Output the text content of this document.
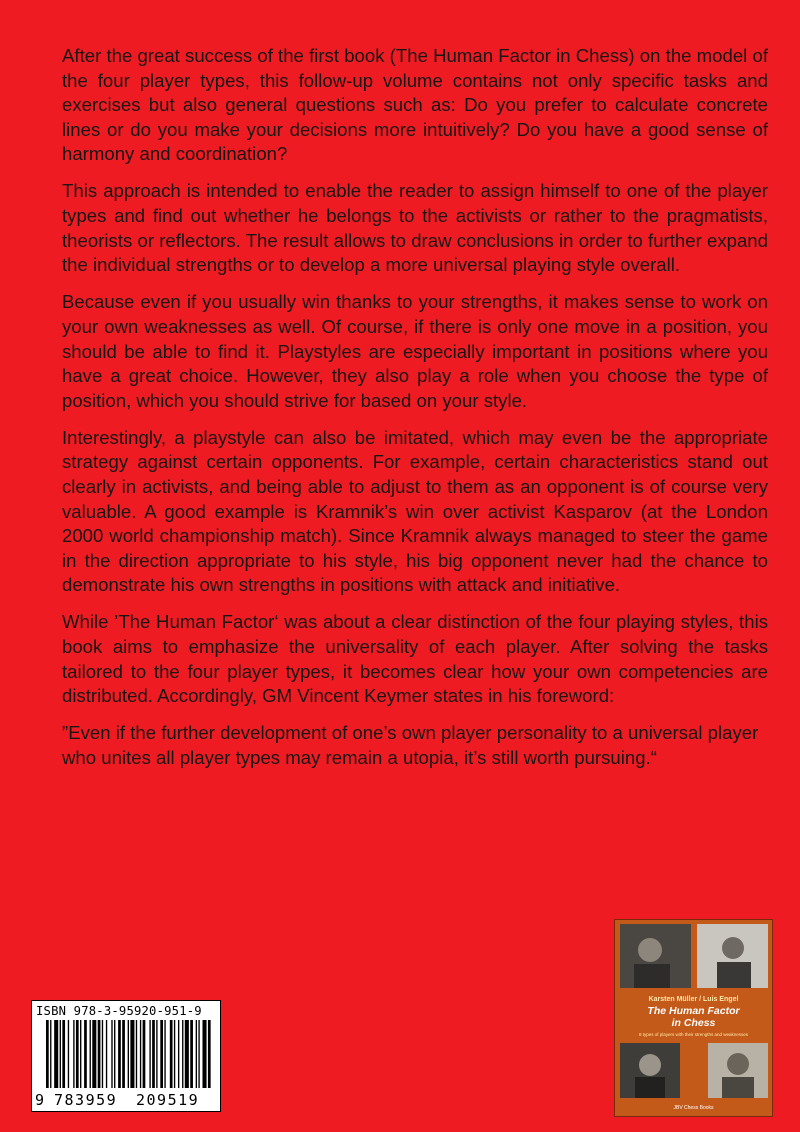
After the great success of the first book (The Human Factor in Chess) on the model of the four player types, this follow-up volume contains not only specific tasks and exercises but also general questions such as: Do you prefer to calculate concrete lines or do you make your decisions more intuitively? Do you have a good sense of harmony and coordination?

This approach is intended to enable the reader to assign himself to one of the player types and find out whether he belongs to the activists or rather to the pragmatists, theorists or reflectors. The result allows to draw conclusions in order to further expand the individual strengths or to develop a more universal playing style overall.

Because even if you usually win thanks to your strengths, it makes sense to work on your own weaknesses as well. Of course, if there is only one move in a position, you should be able to find it. Playstyles are especially important in positions where you have a great choice. However, they also play a role when you choose the type of position, which you should strive for based on your style.

Interestingly, a playstyle can also be imitated, which may even be the appropriate strategy against certain opponents. For example, certain characteristics stand out clearly in activists, and being able to adjust to them as an opponent is of course very valuable. A good example is Kramnik’s win over activist Kasparov (at the London 2000 world championship match). Since Kramnik always managed to steer the game in the direction appropriate to his style, his big opponent never had the chance to demonstrate his own strengths in positions with attack and initiative.

While ’The Human Factor‘ was about a clear distinction of the four playing styles, this book aims to emphasize the universality of each player. After solving the tasks tailored to the four player types, it becomes clear how your own competencies are distributed. Accordingly, GM Vincent Keymer states in his foreword:

”Even if the further development of one’s own player personality to a universal player who unites all player types may remain a utopia, it’s still worth pursuing.“

ISBN 978-3-95920-951-9
9 783959 209519
Karsten Müller / Luis Engel
The Human Factor
in Chess
8 types of players with their strengths and weaknesses
JBV Chess Books
